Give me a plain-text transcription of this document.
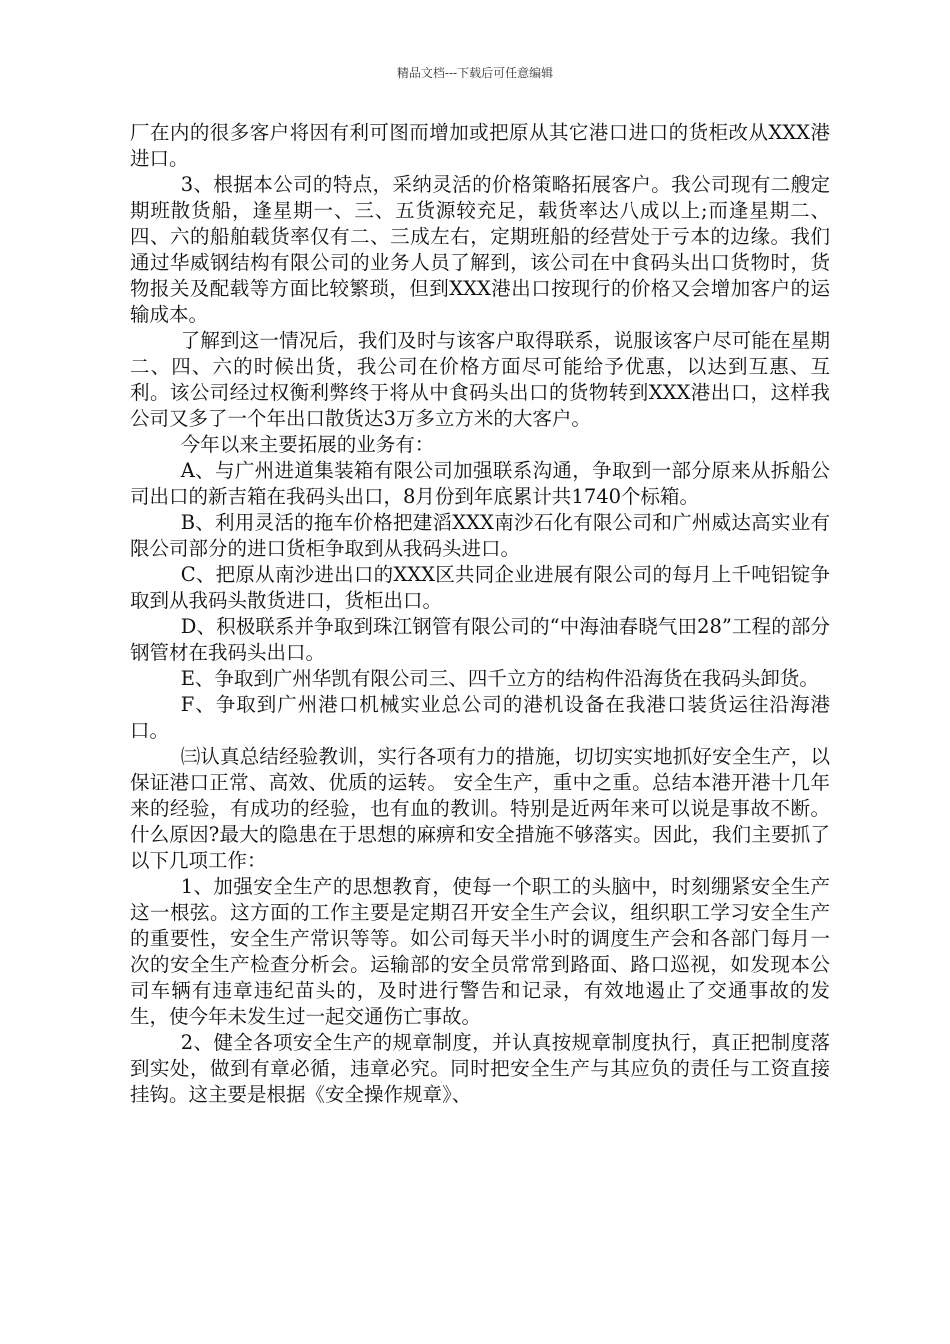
精品文档---下载后可任意编辑

厂在内的很多客户将因有利可图而增加或把原从其它港口进口的货柜改从XXX港进口。

3、根据本公司的特点，采纳灵活的价格策略拓展客户。我公司现有二艘定期班散货船，逢星期一、三、五货源较充足，载货率达八成以上;而逢星期二、四、六的船舶载货率仅有二、三成左右，定期班船的经营处于亏本的边缘。我们通过华威钢结构有限公司的业务人员了解到，该公司在中食码头出口货物时，货物报关及配载等方面比较繁琐，但到XXX港出口按现行的价格又会增加客户的运输成本。

了解到这一情况后，我们及时与该客户取得联系，说服该客户尽可能在星期二、四、六的时候出货，我公司在价格方面尽可能给予优惠，以达到互惠、互利。该公司经过权衡利弊终于将从中食码头出口的货物转到XXX港出口，这样我公司又多了一个年出口散货达3万多立方米的大客户。

今年以来主要拓展的业务有：

A、与广州进道集装箱有限公司加强联系沟通，争取到一部分原来从拆船公司出口的新吉箱在我码头出口，8月份到年底累计共1740个标箱。

B、利用灵活的拖车价格把建滔XXX南沙石化有限公司和广州威达高实业有限公司部分的进口货柜争取到从我码头进口。

C、把原从南沙进出口的XXX区共同企业进展有限公司的每月上千吨铝锭争取到从我码头散货进口，货柜出口。

D、积极联系并争取到珠江钢管有限公司的“中海油春晓气田28”工程的部分钢管材在我码头出口。

E、争取到广州华凯有限公司三、四千立方的结构件沿海货在我码头卸货。

F、争取到广州港口机械实业总公司的港机设备在我港口装货运往沿海港口。

㈢认真总结经验教训，实行各项有力的措施，切切实实地抓好安全生产，以保证港口正常、高效、优质的运转。 安全生产，重中之重。总结本港开港十几年来的经验，有成功的经验，也有血的教训。特别是近两年来可以说是事故不断。什么原因?最大的隐患在于思想的麻痹和安全措施不够落实。因此，我们主要抓了以下几项工作：

1、加强安全生产的思想教育，使每一个职工的头脑中，时刻绷紧安全生产这一根弦。这方面的工作主要是定期召开安全生产会议，组织职工学习安全生产的重要性，安全生产常识等等。如公司每天半小时的调度生产会和各部门每月一次的安全生产检查分析会。运输部的安全员常常到路面、路口巡视，如发现本公司车辆有违章违纪苗头的，及时进行警告和记录，有效地遏止了交通事故的发生，使今年未发生过一起交通伤亡事故。

2、健全各项安全生产的规章制度，并认真按规章制度执行，真正把制度落到实处，做到有章必循，违章必究。同时把安全生产与其应负的责任与工资直接挂钩。这主要是根据《安全操作规章》、
